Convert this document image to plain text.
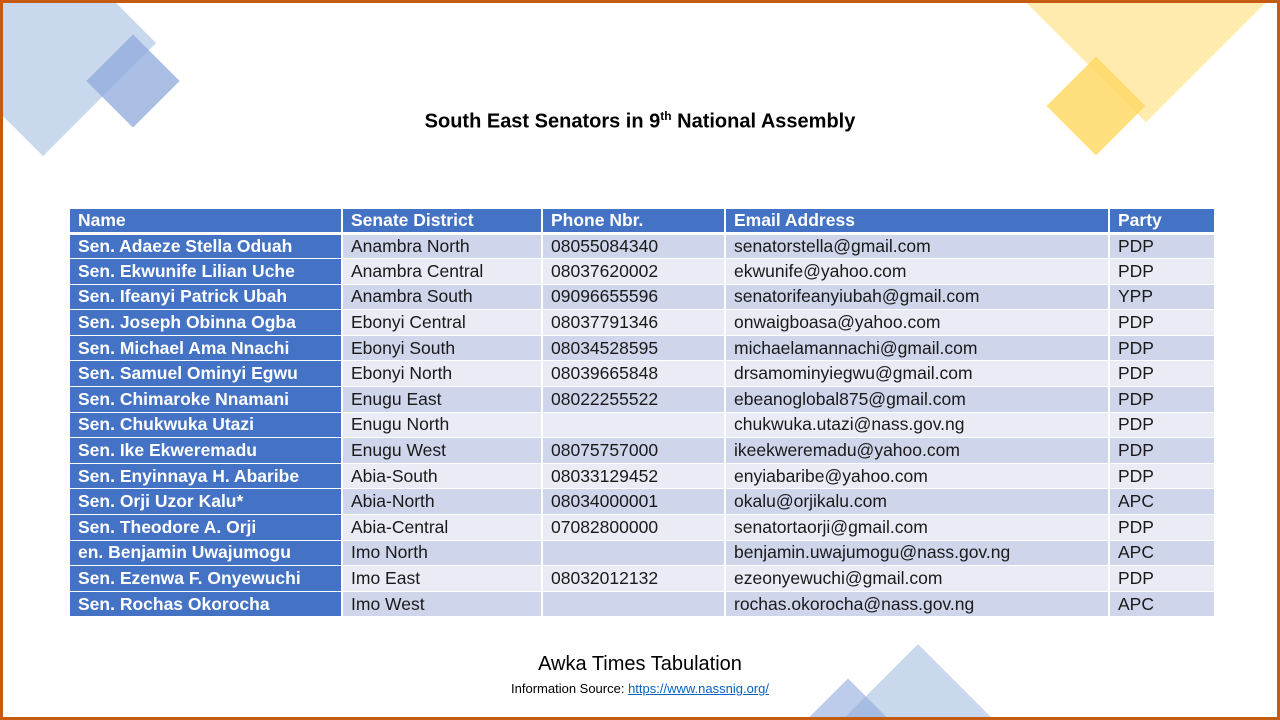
South East Senators in 9th National Assembly
Name	Senate District	Phone Nbr.	Email Address	Party
Sen. Adaeze Stella Oduah	Anambra North	08055084340	senatorstella@gmail.com	PDP
Sen. Ekwunife Lilian Uche	Anambra Central	08037620002	ekwunife@yahoo.com	PDP
Sen. Ifeanyi Patrick Ubah	Anambra South	09096655596	senatorifeanyiubah@gmail.com	YPP
Sen. Joseph Obinna Ogba	Ebonyi Central	08037791346	onwaigboasa@yahoo.com	PDP
Sen. Michael Ama Nnachi	Ebonyi South	08034528595	michaelamannachi@gmail.com	PDP
Sen. Samuel Ominyi Egwu	Ebonyi North	08039665848	drsamominyiegwu@gmail.com	PDP
Sen. Chimaroke Nnamani	Enugu East	08022255522	ebeanoglobal875@gmail.com	PDP
Sen. Chukwuka Utazi	Enugu North		chukwuka.utazi@nass.gov.ng	PDP
Sen. Ike Ekweremadu	Enugu West	08075757000	ikeekweremadu@yahoo.com	PDP
Sen. Enyinnaya H. Abaribe	Abia-South	08033129452	enyiabaribe@yahoo.com	PDP
Sen. Orji Uzor Kalu*	Abia-North	08034000001	okalu@orjikalu.com	APC
Sen. Theodore A. Orji	Abia-Central	07082800000	senatortaorji@gmail.com	PDP
en. Benjamin Uwajumogu	Imo North		benjamin.uwajumogu@nass.gov.ng	APC
Sen. Ezenwa F. Onyewuchi	Imo East	08032012132	ezeonyewuchi@gmail.com	PDP
Sen. Rochas Okorocha	Imo West		rochas.okorocha@nass.gov.ng	APC
Awka Times Tabulation
Information Source: https://www.nassnig.org/
